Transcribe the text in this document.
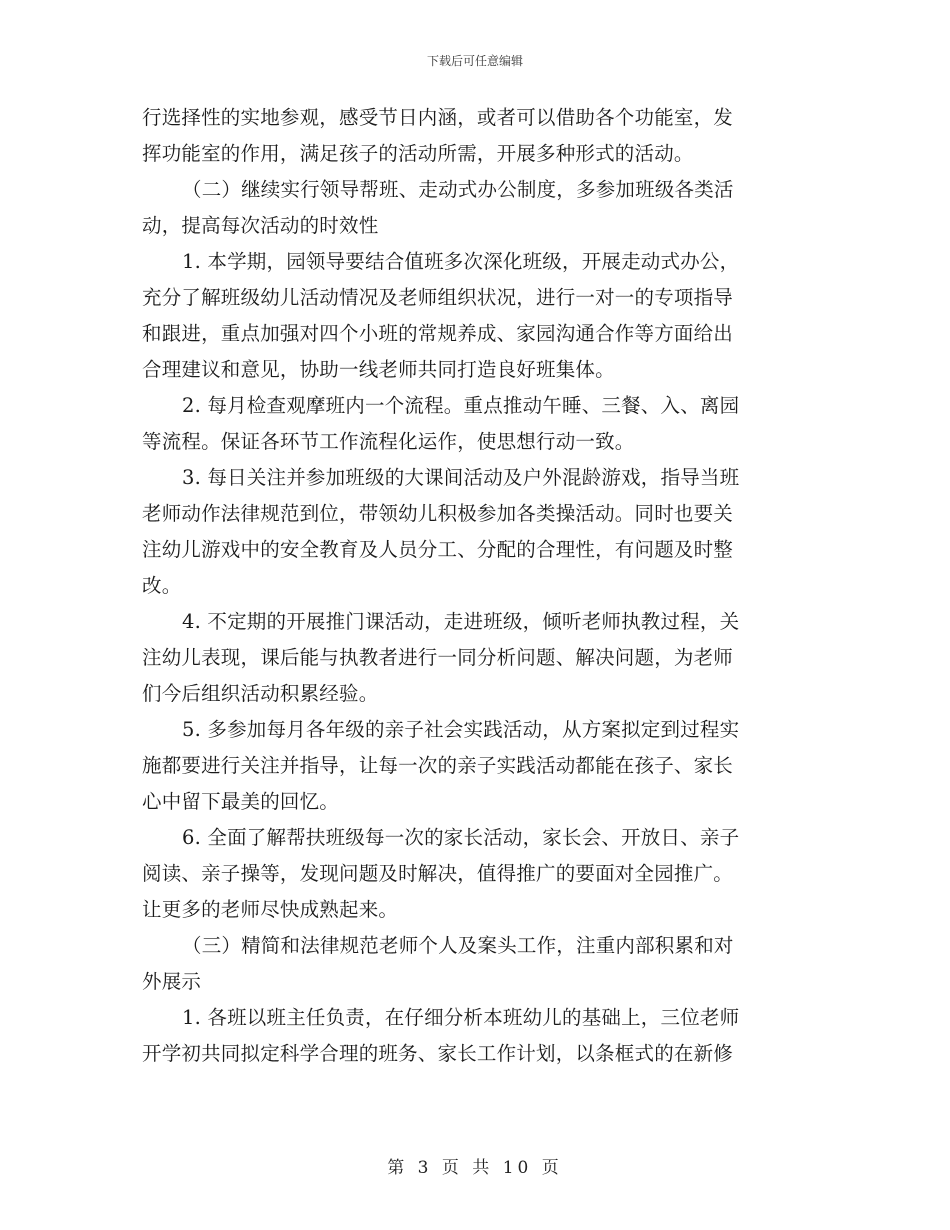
下载后可任意编辑
行选择性的实地参观，感受节日内涵，或者可以借助各个功能室，发
挥功能室的作用，满足孩子的活动所需，开展多种形式的活动。
（二）继续实行领导帮班、走动式办公制度，多参加班级各类活
动，提高每次活动的时效性
1. 本学期，园领导要结合值班多次深化班级，开展走动式办公，
充分了解班级幼儿活动情况及老师组织状况，进行一对一的专项指导
和跟进，重点加强对四个小班的常规养成、家园沟通合作等方面给出
合理建议和意见，协助一线老师共同打造良好班集体。
2. 每月检查观摩班内一个流程。重点推动午睡、三餐、入、离园
等流程。保证各环节工作流程化运作，使思想行动一致。
3. 每日关注并参加班级的大课间活动及户外混龄游戏，指导当班
老师动作法律规范到位，带领幼儿积极参加各类操活动。同时也要关
注幼儿游戏中的安全教育及人员分工、分配的合理性，有问题及时整
改。
4. 不定期的开展推门课活动，走进班级，倾听老师执教过程，关
注幼儿表现，课后能与执教者进行一同分析问题、解决问题，为老师
们今后组织活动积累经验。
5. 多参加每月各年级的亲子社会实践活动，从方案拟定到过程实
施都要进行关注并指导，让每一次的亲子实践活动都能在孩子、家长
心中留下最美的回忆。
6. 全面了解帮扶班级每一次的家长活动，家长会、开放日、亲子
阅读、亲子操等，发现问题及时解决，值得推广的要面对全园推广。
让更多的老师尽快成熟起来。
（三）精简和法律规范老师个人及案头工作，注重内部积累和对
外展示
1. 各班以班主任负责，在仔细分析本班幼儿的基础上，三位老师
开学初共同拟定科学合理的班务、家长工作计划，以条框式的在新修
第 3 页 共 10 页
